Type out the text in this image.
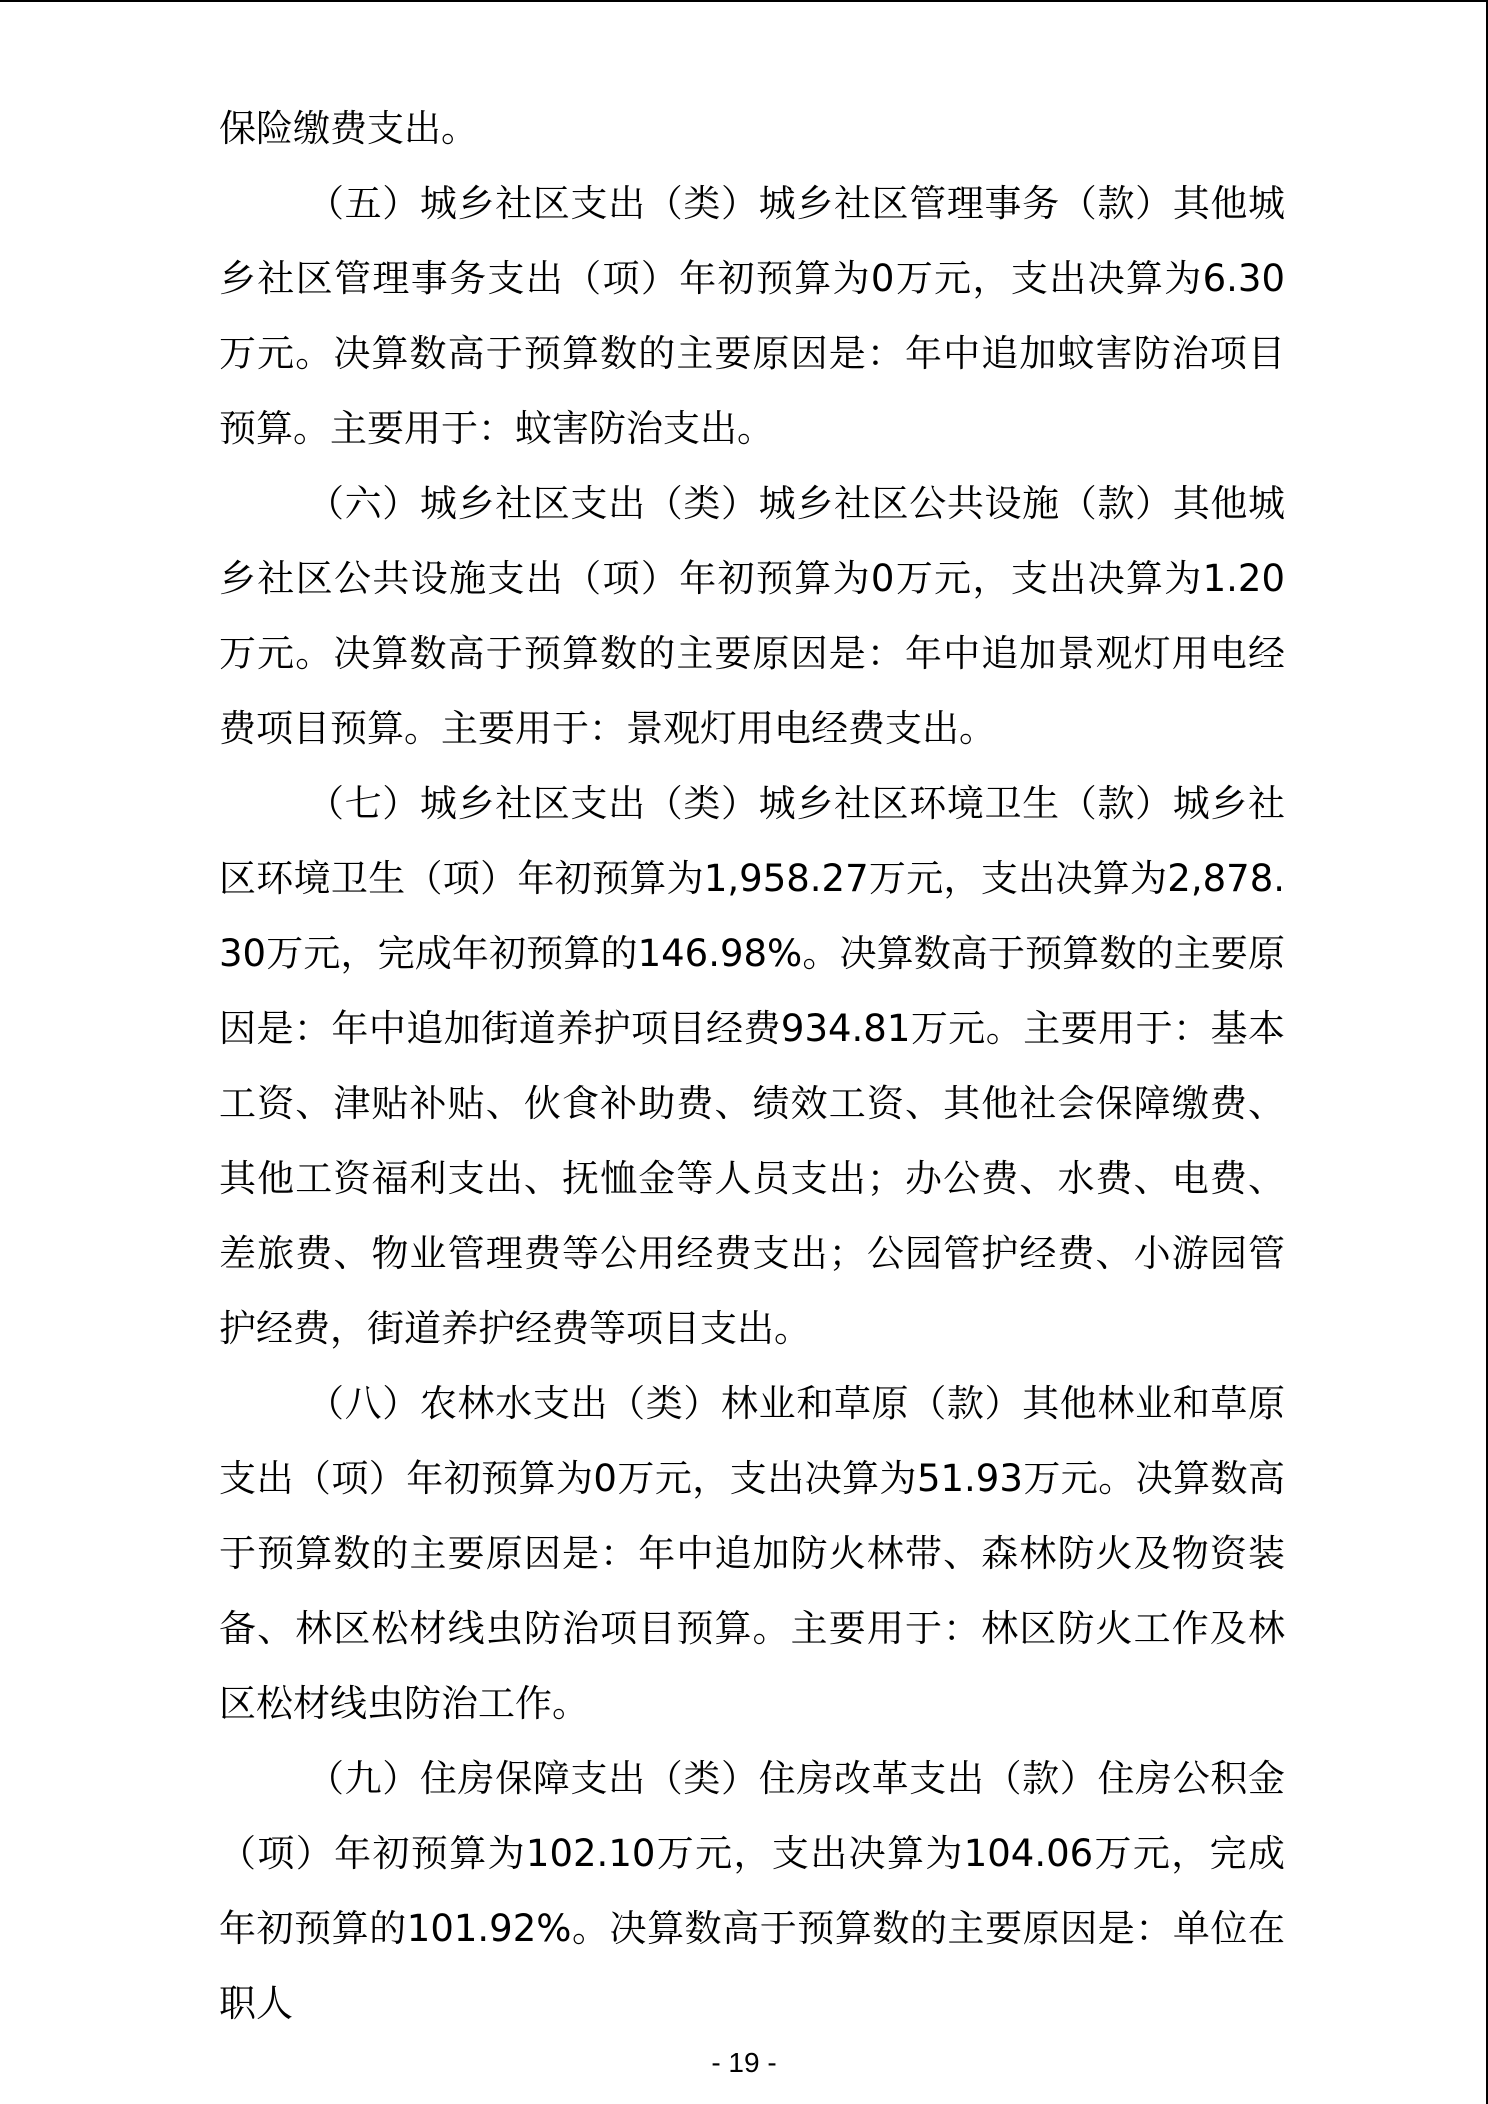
保险缴费支出。

（五）城乡社区支出（类）城乡社区管理事务（款）其他城乡社区管理事务支出（项）年初预算为0万元，支出决算为6.30万元。决算数高于预算数的主要原因是：年中追加蚊害防治项目预算。主要用于：蚊害防治支出。

（六）城乡社区支出（类）城乡社区公共设施（款）其他城乡社区公共设施支出（项）年初预算为0万元，支出决算为1.20万元。决算数高于预算数的主要原因是：年中追加景观灯用电经费项目预算。主要用于：景观灯用电经费支出。

（七）城乡社区支出（类）城乡社区环境卫生（款）城乡社区环境卫生（项）年初预算为1,958.27万元，支出决算为2,878.30万元，完成年初预算的146.98%。决算数高于预算数的主要原因是：年中追加街道养护项目经费934.81万元。主要用于：基本工资、津贴补贴、伙食补助费、绩效工资、其他社会保障缴费、其他工资福利支出、抚恤金等人员支出；办公费、水费、电费、差旅费、物业管理费等公用经费支出；公园管护经费、小游园管护经费，街道养护经费等项目支出。

（八）农林水支出（类）林业和草原（款）其他林业和草原支出（项）年初预算为0万元，支出决算为51.93万元。决算数高于预算数的主要原因是：年中追加防火林带、森林防火及物资装备、林区松材线虫防治项目预算。主要用于：林区防火工作及林区松材线虫防治工作。

（九）住房保障支出（类）住房改革支出（款）住房公积金（项）年初预算为102.10万元，支出决算为104.06万元，完成年初预算的101.92%。决算数高于预算数的主要原因是：单位在职人

- 19 -
